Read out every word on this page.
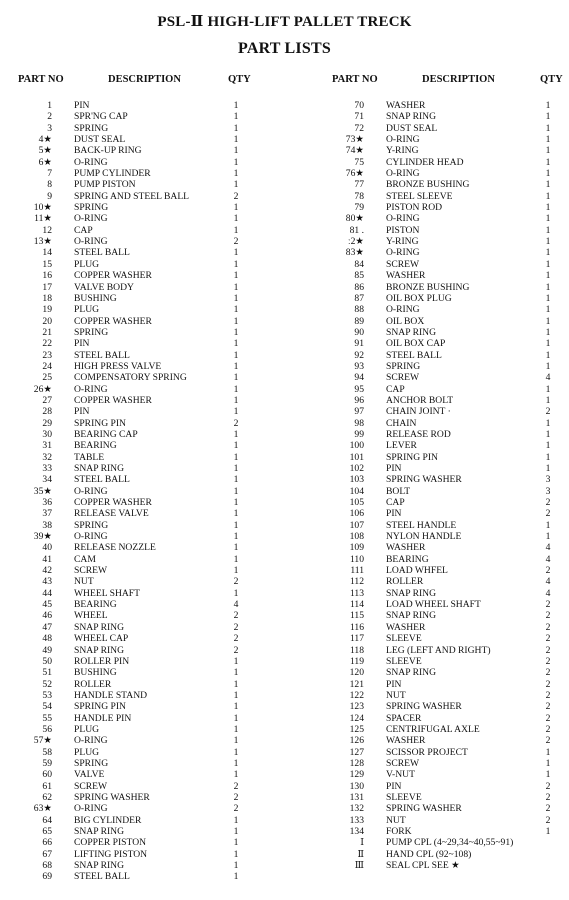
PSL-Ⅱ HIGH-LIFT PALLET TRECK
PART LISTS
PART NO	DESCRIPTION	QTY
1 PIN	1
2 SPR'NG CAP	1
3 SPRING	1
4★ DUST SEAL	1
5★ BACK-UP RING	1
6★ O-RING	1
7 PUMP CYLINDER	1
8 PUMP PISTON	1
9 SPRING AND STEEL BALL	2
10★ SPRING	1
11★ O-RING	1
12 CAP	1
13★ O-RING	2
14 STEEL BALL	1
15 PLUG	1
16 COPPER WASHER	1
17 VALVE BODY	1
18 BUSHING	1
19 PLUG	1
20 COPPER WASHER	1
21 SPRING	1
22 PIN	1
23 STEEL BALL	1
24 HIGH PRESS VALVE	1
25 COMPENSATORY SPRING	1
26★ O-RING	1
27 COPPER WASHER	1
28 PIN	1
29 SPRING PIN	2
30 BEARING CAP	1
31 BEARING	1
32 TABLE	1
33 SNAP RING	1
34 STEEL BALL	1
35★ O-RING	1
36 COPPER WASHER	1
37 RELEASE VALVE	1
38 SPRING	1
39★ O-RING	1
40 RELEASE NOZZLE	1
41 CAM	1
42 SCREW	1
43 NUT	2
44 WHEEL SHAFT	1
45 BEARING	4
46 WHEEL	2
47 SNAP RING	2
48 WHEEL CAP	2
49 SNAP RING	2
50 ROLLER PIN	1
51 BUSHING	1
52 ROLLER	1
53 HANDLE STAND	1
54 SPRING PIN	1
55 HANDLE PIN	1
56 PLUG	1
57★ O-RING	1
58 PLUG	1
59 SPRING	1
60 VALVE	1
61 SCREW	2
62 SPRING WASHER	2
63★ O-RING	2
64 BIG CYLINDER	1
65 SNAP RING	1
66 COPPER PISTON	1
67 LIFTING PISTON	1
68 SNAP RING	1
69 STEEL BALL	1
PART NO	DESCRIPTION	QTY
70 WASHER	1
71 SNAP RING	1
72 DUST SEAL	1
73★ O-RING	1
74★ Y-RING	1
75 CYLINDER HEAD	1
76★ O-RING	1
77 BRONZE BUSHING	1
78 STEEL SLEEVE	1
79 PISTON ROD	1
80★ O-RING	1
81 . PISTON	1
ː2★ Y-RING	1
83★ O-RING	1
84 SCREW	1
85 WASHER	1
86 BRONZE BUSHING	1
87 OIL BOX PLUG	1
88 O-RING	1
89 OIL BOX	1
90 SNAP RING	1
91 OIL BOX CAP	1
92 STEEL BALL	1
93 SPRING	1
94 SCREW	4
95 CAP	1
96 ANCHOR BOLT	1
97 CHAIN JOINT ·	2
98 CHAIN	1
99 RELEASE ROD	1
100 LEVER	1
101 SPRING PIN	1
102 PIN	1
103 SPRING WASHER	3
104 BOLT	3
105 CAP	2
106 PIN	2
107 STEEL HANDLE	1
108 NYLON HANDLE	1
109 WASHER	4
110 BEARING	4
111 LOAD WHFEL	2
112 ROLLER	4
113 SNAP RING	4
114 LOAD WHEEL SHAFT	2
115 SNAP RING	2
116 WASHER	2
117 SLEEVE	2
118 LEG (LEFT AND RIGHT)	2
119 SLEEVE	2
120 SNAP RING	2
121 PIN	2
122 NUT	2
123 SPRING WASHER	2
124 SPACER	2
125 CENTRIFUGAL AXLE	2
126 WASHER	2
127 SCISSOR PROJECT	1
128 SCREW	1
129 V-NUT	1
130 PIN	2
131 SLEEVE	2
132 SPRING WASHER	2
133 NUT	2
134 FORK	1
Ⅰ PUMP CPL (4~29,34~40,55~91)
Ⅱ HAND CPL (92~108)
Ⅲ SEAL CPL SEE ★
